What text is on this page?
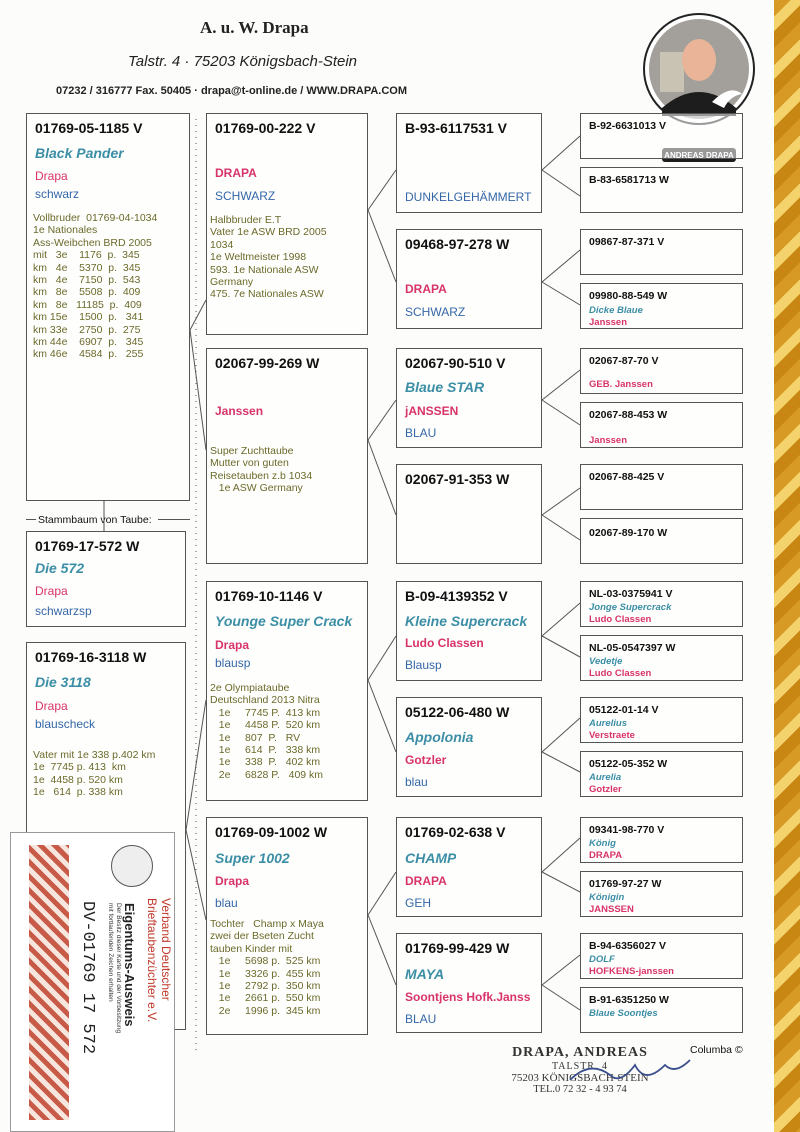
A. u. W. Drapa
Talstr. 4 · 75203 Königsbach-Stein
07232 / 316777 Fax. 50405 · drapa@t-online.de / WWW.DRAPA.COM
01769-05-1185 V
Black Pander
Drapa
schwarz
Vollbruder  01769-04-1034
1e Nationales
Ass-Weibchen BRD 2005
mit   3e    1176  p.  345
km   4e    5370  p.  345
km   4e    7150  p.  543
km   8e    5508  p.  409
km   8e   11185  p.  409
km 15e    1500  p.   341
km 33e    2750  p.  275
km 44e    6907  p.   345
km 46e    4584  p.   255
Stammbaum von Taube:
01769-17-572 W
Die 572
Drapa
schwarzsp
01769-16-3118 W
Die 3118
Drapa
blauscheck
Vater mit 1e 338 p.402 km
1e  7745 p. 413  km
1e  4458 p. 520 km
1e   614  p. 338 km
01769-00-222 V
DRAPA
SCHWARZ
Halbbruder E.T
Vater 1e ASW BRD 2005
1034
1e Weltmeister 1998
593. 1e Nationale ASW
Germany
475. 7e Nationales ASW
02067-99-269 W
Janssen
Super Zuchttaube
Mutter von guten
Reisetauben z.b 1034
1e ASW Germany
01769-10-1146 V
Younge Super Crack
Drapa
blausp
2e Olympiataube
Deutschland 2013 Nitra
1e     7745 P.  413 km
1e     4458 P.  520 km
1e     807  P.   RV
1e     614  P.   338 km
1e     338  P.   402 km
2e     6828 P.   409 km
01769-09-1002 W
Super 1002
Drapa
blau
Tochter   Champ x Maya
zwei der Bseten Zucht
tauben Kinder mit
1e     5698 p.  525 km
1e     3326 p.  455 km
1e     2792 p.  350 km
1e     2661 p.  550 km
2e     1996 p.  345 km
B-93-6117531 V
DUNKELGEHÄMMERT
09468-97-278 W
DRAPA
SCHWARZ
02067-90-510 V
Blaue STAR
jANSSEN
BLAU
02067-91-353 W
B-09-4139352 V
Kleine Supercrack
Ludo Classen
Blausp
05122-06-480 W
Appolonia
Gotzler
blau
01769-02-638 V
CHAMP
DRAPA
GEH
01769-99-429 W
MAYA
Soontjens Hofk.Janss
BLAU
B-92-6631013 V
B-83-6581713 W
09867-87-371 V
09980-88-549 W
Dicke Blaue
Janssen
02067-87-70 V
GEB. Janssen
02067-88-453 W
Janssen
02067-88-425 V
02067-89-170 W
NL-03-0375941 V
Jonge Supercrack
Ludo Classen
NL-05-0547397 W
Vedetje
Ludo Classen
05122-01-14 V
Aurelius
Verstraete
05122-05-352 W
Aurelia
Gotzler
09341-98-770 V
König
DRAPA
01769-97-27 W
Königin
JANSSEN
B-94-6356027 V
DOLF
HOFKENS-janssen
B-91-6351250 W
Blaue Soontjes
Verband Deutscher
Brieftaubenzüchter e.V.
Eigentums-Ausweis
Der Besitz dieser Karte und der Vorbesitzung
mit fortlaufenden Zeichen erhalten
DV-01769 17 572	DRAPA, ANDREAS
TALSTR. 4
75203 KÖNIGSBACH-STEIN
TEL.0 72 32 - 4 93 74
Columba ©
